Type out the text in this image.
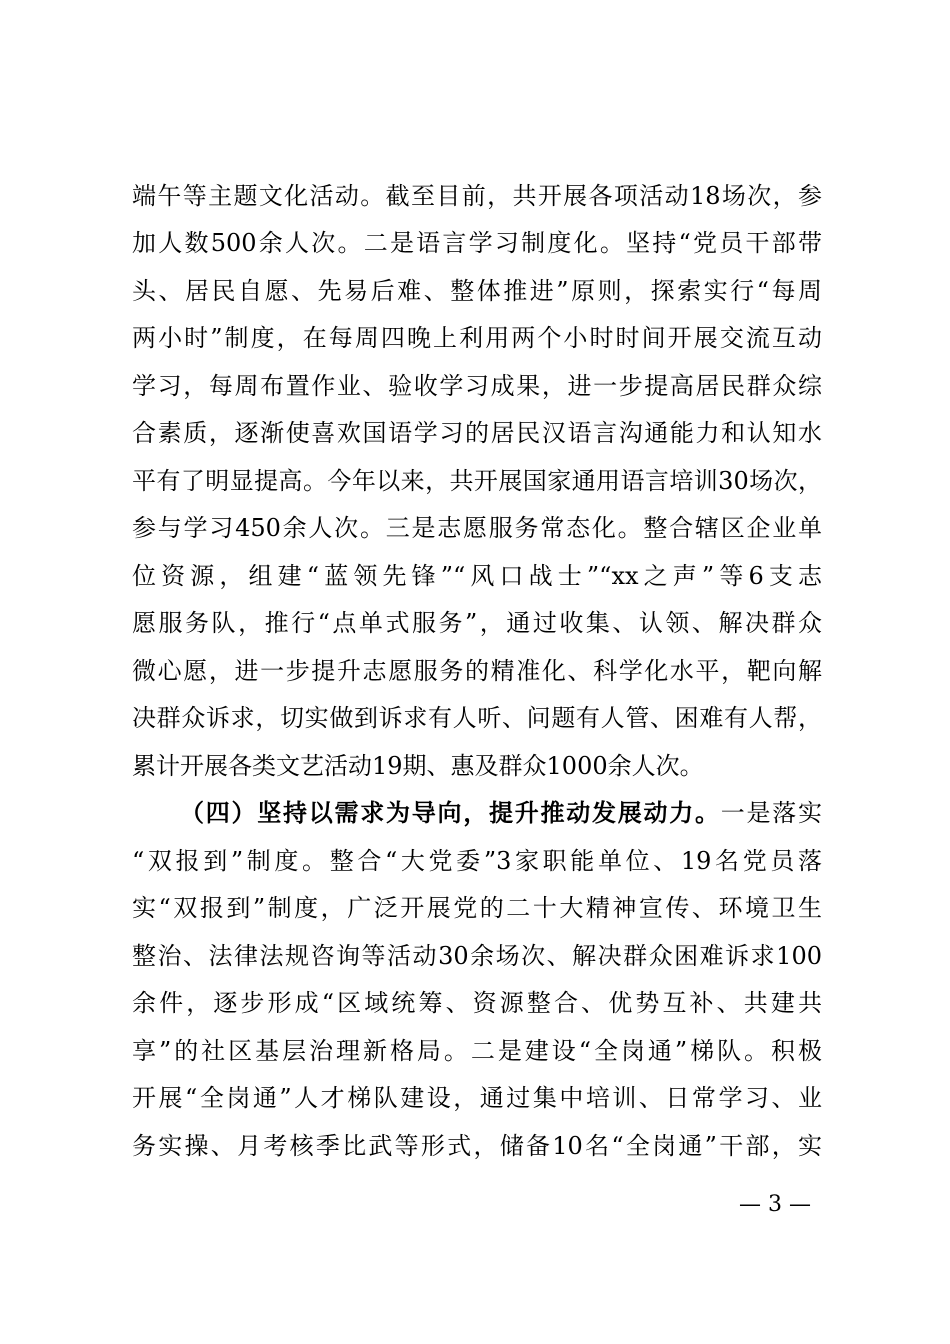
端午等主题文化活动。截至目前，共开展各项活动18场次，参
加人数500余人次。二是语言学习制度化。坚持“党员干部带
头、居民自愿、先易后难、整体推进”原则，探索实行“每周
两小时”制度，在每周四晚上利用两个小时时间开展交流互动
学习，每周布置作业、验收学习成果，进一步提高居民群众综
合素质，逐渐使喜欢国语学习的居民汉语言沟通能力和认知水
平有了明显提高。今年以来，共开展国家通用语言培训30场次，
参与学习450余人次。三是志愿服务常态化。整合辖区企业单
位资源，组建“蓝领先锋”“风口战士”“xx之声”等6支志
愿服务队，推行“点单式服务”，通过收集、认领、解决群众
微心愿，进一步提升志愿服务的精准化、科学化水平，靶向解
决群众诉求，切实做到诉求有人听、问题有人管、困难有人帮，
累计开展各类文艺活动19期、惠及群众1000余人次。
（四）坚持以需求为导向，提升推动发展动力。一是落实
“双报到”制度。整合“大党委”3家职能单位、19名党员落
实“双报到”制度，广泛开展党的二十大精神宣传、环境卫生
整治、法律法规咨询等活动30余场次、解决群众困难诉求100
余件，逐步形成“区域统筹、资源整合、优势互补、共建共
享”的社区基层治理新格局。二是建设“全岗通”梯队。积极
开展“全岗通”人才梯队建设，通过集中培训、日常学习、业
务实操、月考核季比武等形式，储备10名“全岗通”干部，实
— 3 —
